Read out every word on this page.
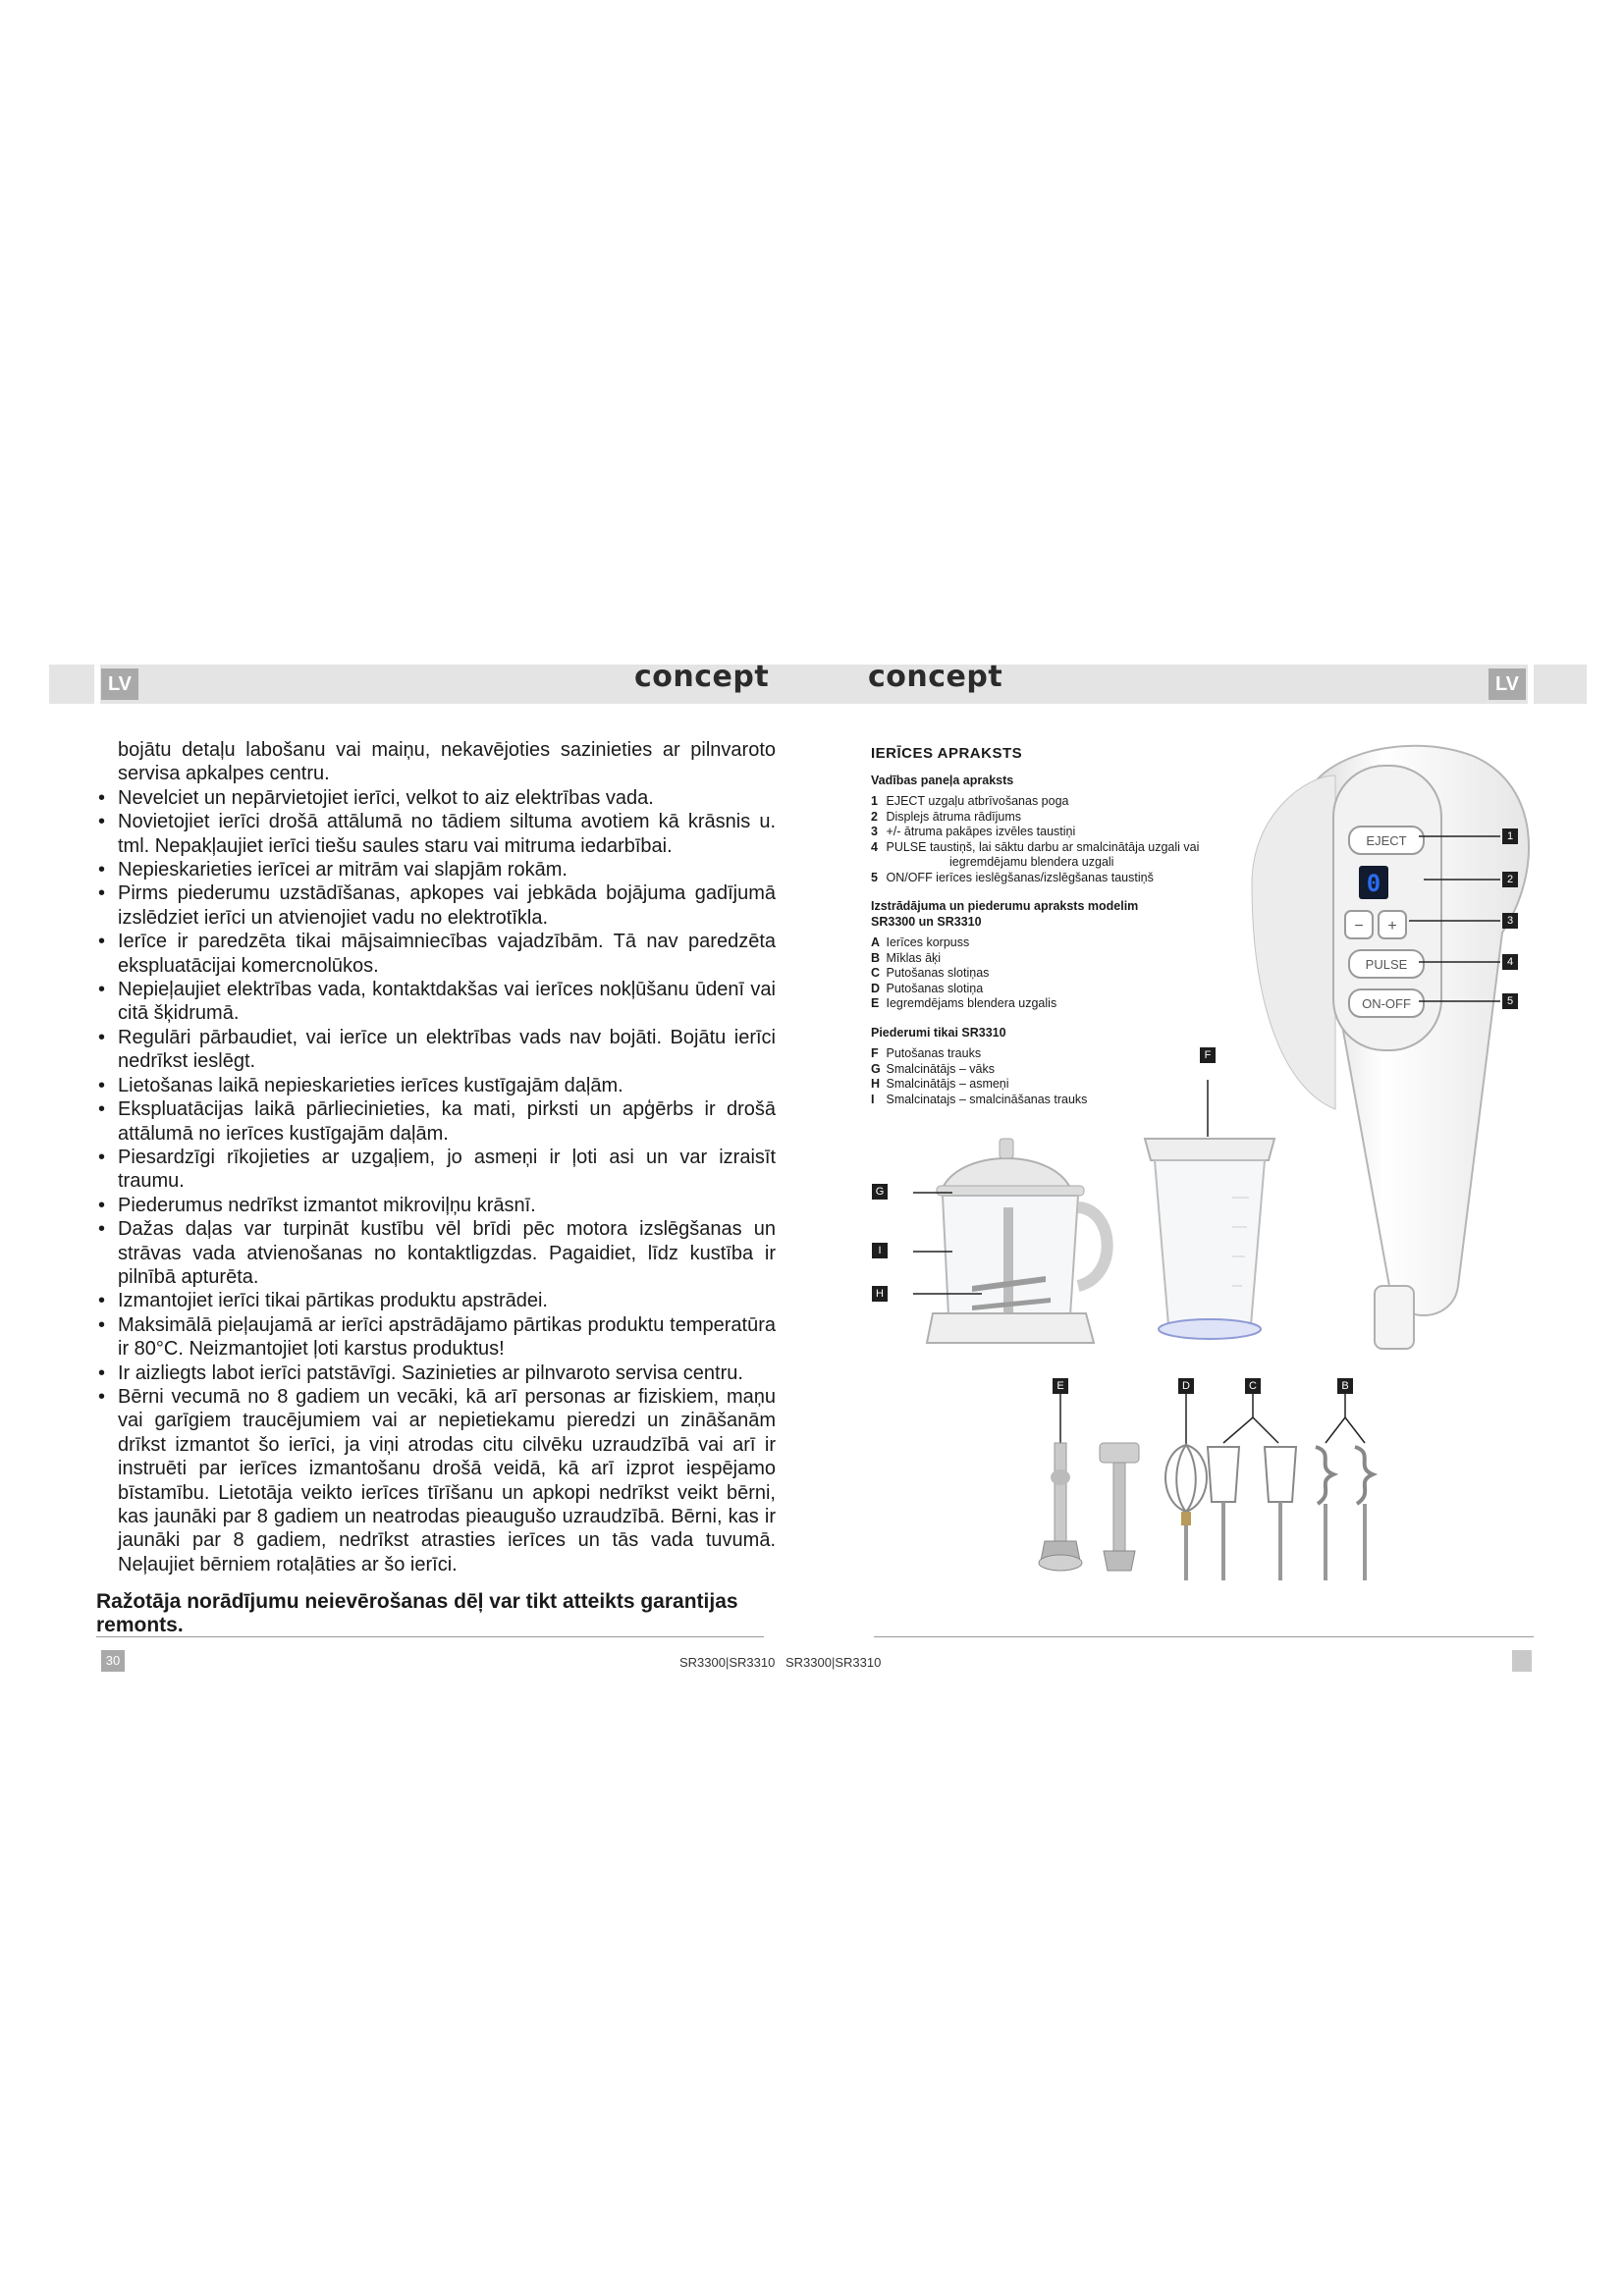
LV	LV
concept	concept

bojātu detaļu labošanu vai maiņu, nekavējoties sazinieties ar pilnvaroto servisa apkalpes centru.

• Nevelciet un nepārvietojiet ierīci, velkot to aiz elektrības vada.
• Novietojiet ierīci drošā attālumā no tādiem siltuma avotiem kā krāsnis u. tml. Nepakļaujiet ierīci tiešu saules staru vai mitruma iedarbībai.
• Nepieskarieties ierīcei ar mitrām vai slapjām rokām.
• Pirms piederumu uzstādīšanas, apkopes vai jebkāda bojājuma gadījumā izslēdziet ierīci un atvienojiet vadu no elektrotīkla.
• Ierīce ir paredzēta tikai mājsaimniecības vajadzībām. Tā nav paredzēta ekspluatācijai komercnolūkos.
• Nepieļaujiet elektrības vada, kontaktdakšas vai ierīces nokļūšanu ūdenī vai citā šķidrumā.
• Regulāri pārbaudiet, vai ierīce un elektrības vads nav bojāti. Bojātu ierīci nedrīkst ieslēgt.
• Lietošanas laikā nepieskarieties ierīces kustīgajām daļām.
• Ekspluatācijas laikā pārliecinieties, ka mati, pirksti un apģērbs ir drošā attālumā no ierīces kustīgajām daļām.
• Piesardzīgi rīkojieties ar uzgaļiem, jo asmeņi ir ļoti asi un var izraisīt traumu.
• Piederumus nedrīkst izmantot mikroviļņu krāsnī.
• Dažas daļas var turpināt kustību vēl brīdi pēc motora izslēgšanas un strāvas vada atvienošanas no kontaktligzdas. Pagaidiet, līdz kustība ir pilnībā apturēta.
• Izmantojiet ierīci tikai pārtikas produktu apstrādei.
• Maksimālā pieļaujamā ar ierīci apstrādājamo pārtikas produktu temperatūra ir 80°C. Neizmantojiet ļoti karstus produktus!
• Ir aizliegts labot ierīci patstāvīgi. Sazinieties ar pilnvaroto servisa centru.
• Bērni vecumā no 8 gadiem un vecāki, kā arī personas ar fiziskiem, maņu vai garīgiem traucējumiem vai ar nepietiekamu pieredzi un zināšanām drīkst izmantot šo ierīci, ja viņi atrodas citu cilvēku uzraudzībā vai arī ir instruēti par ierīces izmantošanu drošā veidā, kā arī izprot iespējamo bīstamību. Lietotāja veikto ierīces tīrīšanu un apkopi nedrīkst veikt bērni, kas jaunāki par 8 gadiem un neatrodas pieaugušo uzraudzībā. Bērni, kas ir jaunāki par 8 gadiem, nedrīkst atrasties ierīces un tās vada tuvumā. Neļaujiet bērniem rotaļāties ar šo ierīci.

Ražotāja norādījumu neievērošanas dēļ var tikt atteikts garantijas remonts.

30	SR3300|SR3310 SR3300|SR3310
IERĪCES APRAKSTS
Vadības paneļa apraksts
1 EJECT uzgaļu atbrīvošanas poga
2 Displejs ātruma rādījums
3 +/- ātruma pakāpes izvēles taustiņi
4 PULSE taustiņš, lai sāktu darbu ar smalcinātāja uzgali vai
iegremdējamu blendera uzgali
5 ON/OFF ierīces ieslēgšanas/izslēgšanas taustiņš
Izstrādājuma un piederumu apraksts modelim SR3300 un SR3310
A Ierīces korpuss
B Mīklas āķi
C Putošanas slotiņas
D Putošanas slotiņa
E Iegremdējams blendera uzgalis
Piederumi tikai SR3310
F Putošanas trauks
G Smalcinātājs – vāks
H Smalcinātājs – asmeņi
I Smalcinatajs – smalcināšanas trauks
EJECT
0
− +
PULSE
ON-OFF
1
2
3
4
5
G
I
H
F
E	D	C	B
